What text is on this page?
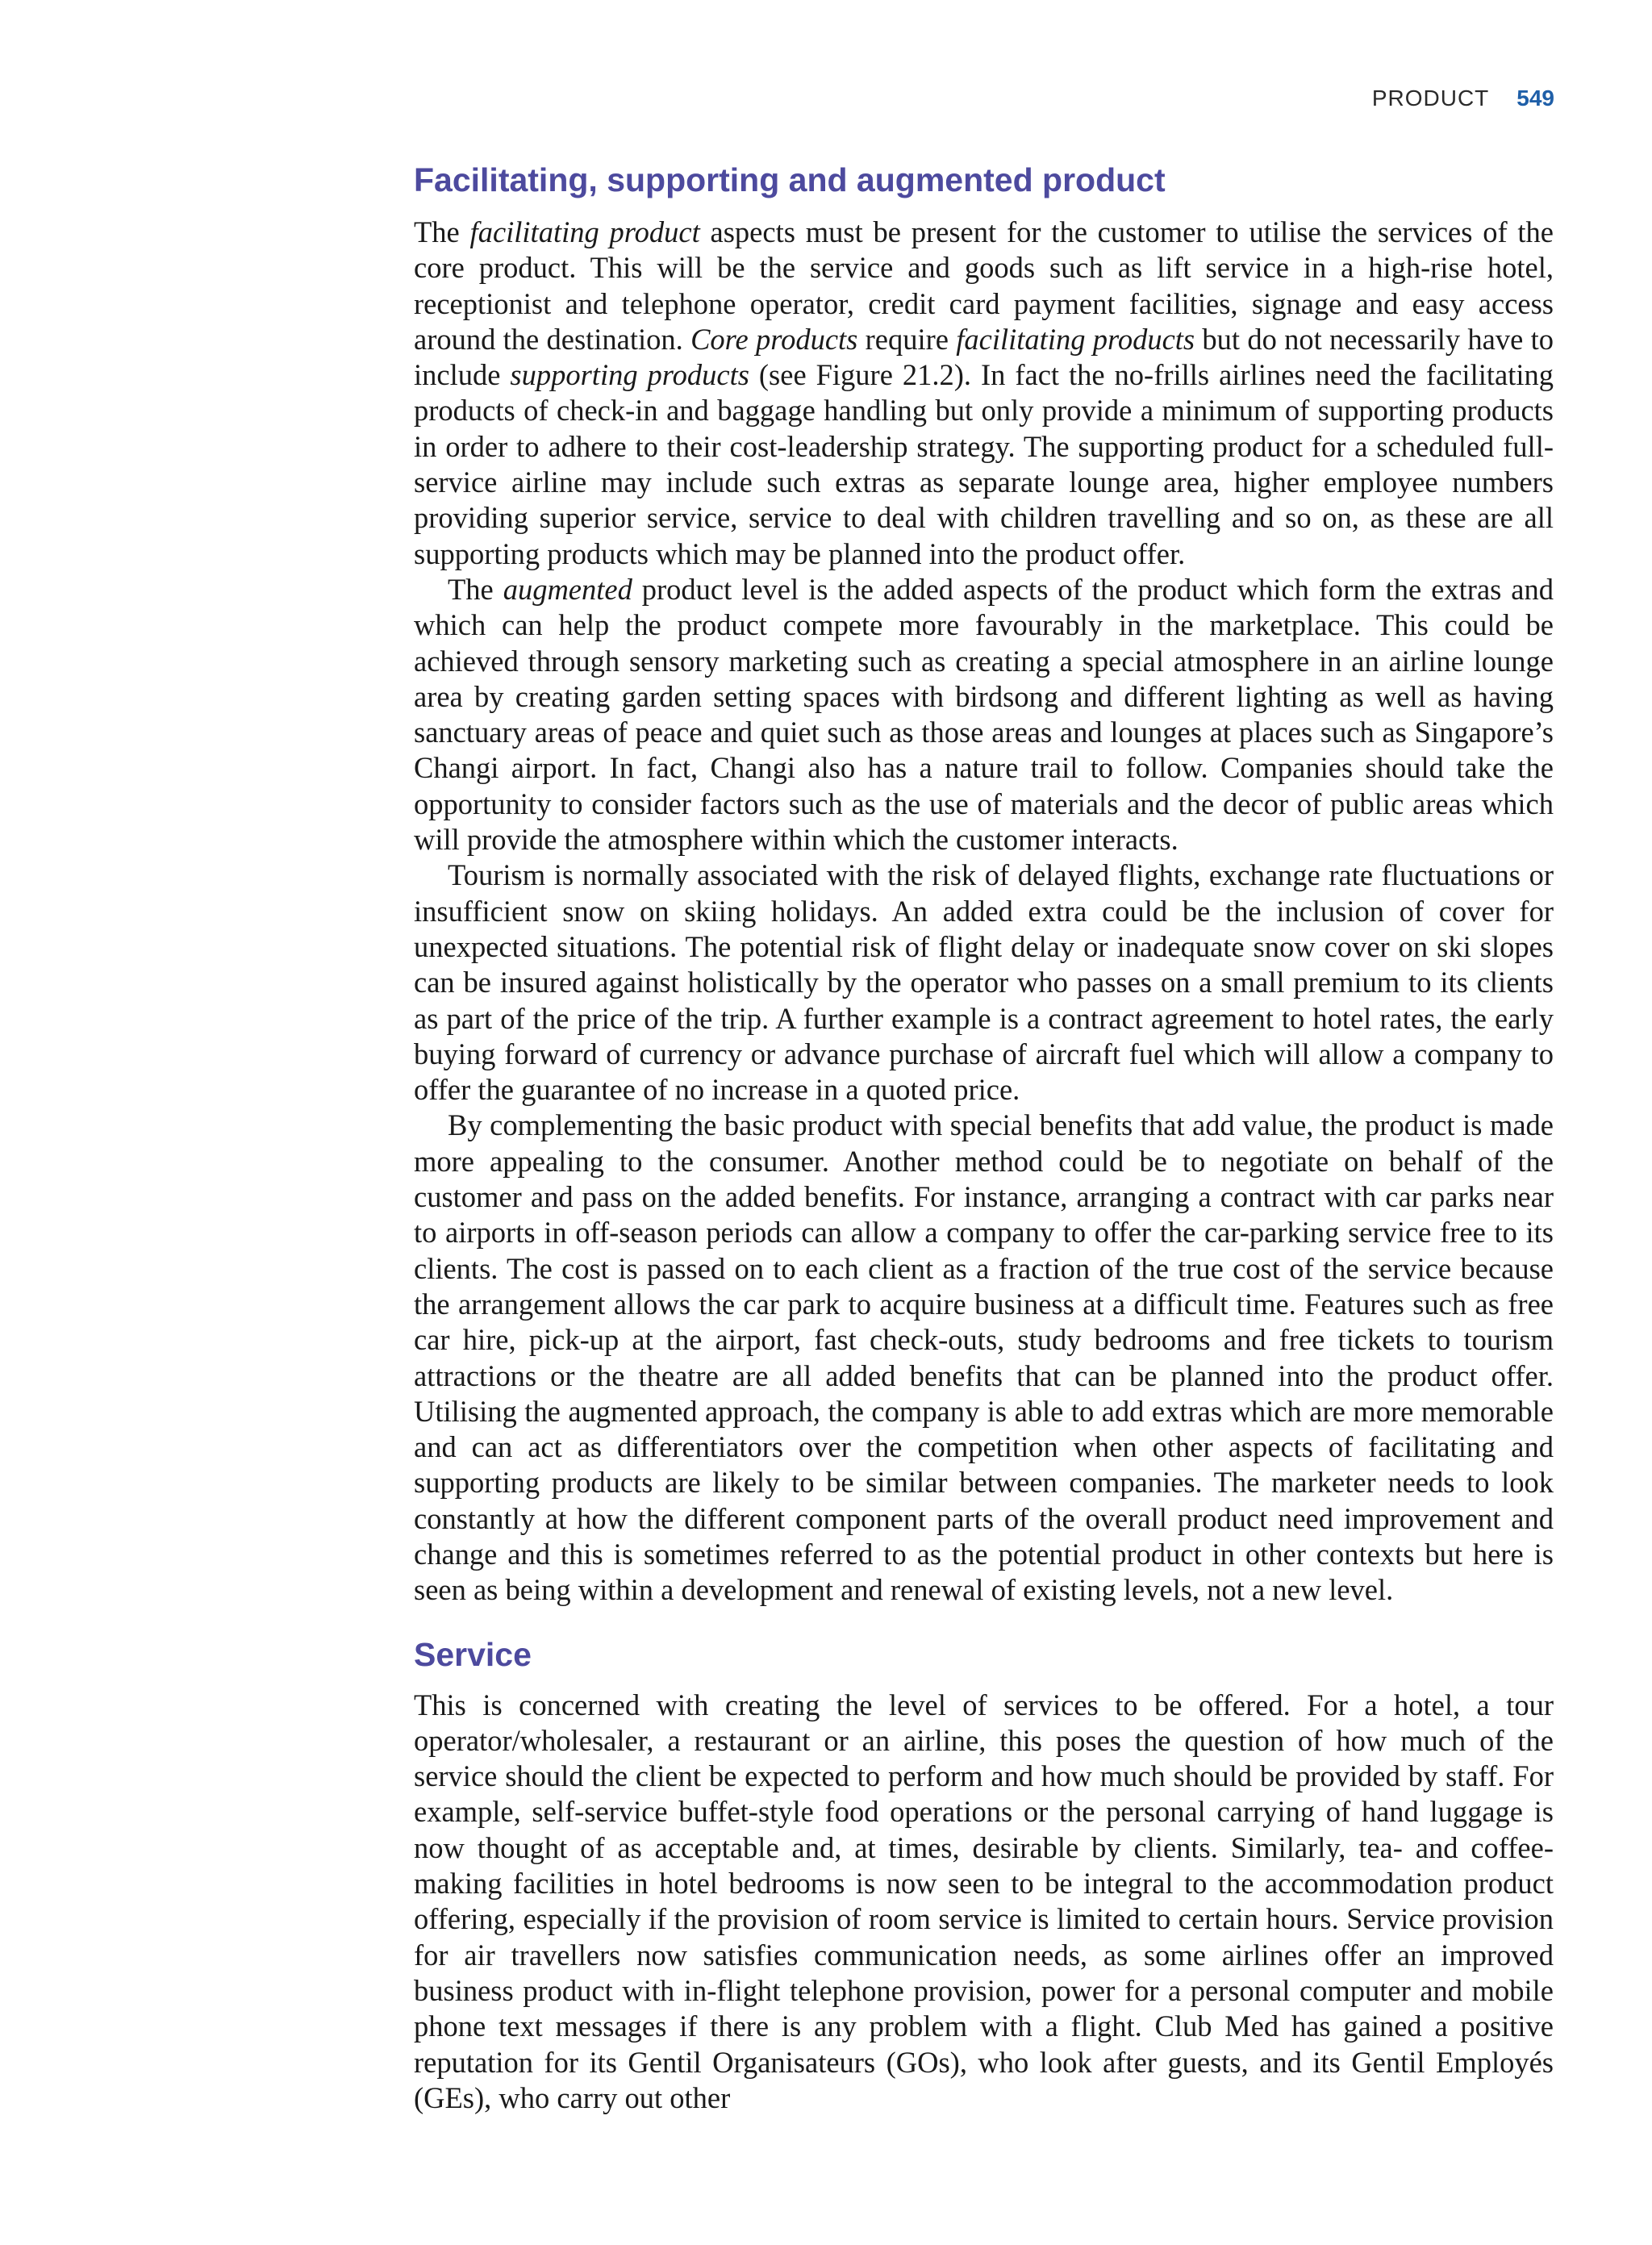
PRODUCT 549
Facilitating, supporting and augmented product

The facilitating product aspects must be present for the customer to utilise the services of the core product. This will be the service and goods such as lift service in a high-rise hotel, receptionist and telephone operator, credit card payment facilities, signage and easy access around the destination. Core products require facilitating products but do not necessarily have to include supporting products (see Figure 21.2). In fact the no-frills airlines need the facilitating products of check-in and baggage handling but only provide a minimum of supporting products in order to adhere to their cost-leadership strategy. The supporting product for a scheduled full-service airline may include such extras as separate lounge area, higher employee numbers providing superior service, service to deal with children travelling and so on, as these are all supporting products which may be planned into the product offer.

The augmented product level is the added aspects of the product which form the extras and which can help the product compete more favourably in the marketplace. This could be achieved through sensory marketing such as creating a special atmosphere in an airline lounge area by creating garden setting spaces with birdsong and different lighting as well as having sanctuary areas of peace and quiet such as those areas and lounges at places such as Singapore’s Changi airport. In fact, Changi also has a nature trail to follow. Companies should take the opportunity to consider factors such as the use of materials and the decor of public areas which will provide the atmosphere within which the customer interacts.

Tourism is normally associated with the risk of delayed flights, exchange rate fluctuations or insufficient snow on skiing holidays. An added extra could be the inclusion of cover for unexpected situations. The potential risk of flight delay or inadequate snow cover on ski slopes can be insured against holistically by the operator who passes on a small premium to its clients as part of the price of the trip. A further example is a contract agreement to hotel rates, the early buying forward of currency or advance purchase of aircraft fuel which will allow a company to offer the guarantee of no increase in a quoted price.

By complementing the basic product with special benefits that add value, the product is made more appealing to the consumer. Another method could be to negotiate on behalf of the customer and pass on the added benefits. For instance, arranging a contract with car parks near to airports in off-season periods can allow a company to offer the car-parking service free to its clients. The cost is passed on to each client as a fraction of the true cost of the service because the arrangement allows the car park to acquire business at a difficult time. Features such as free car hire, pick-up at the airport, fast check-outs, study bedrooms and free tickets to tourism attractions or the theatre are all added benefits that can be planned into the product offer. Utilising the augmented approach, the company is able to add extras which are more memorable and can act as differentiators over the competition when other aspects of facilitating and supporting products are likely to be similar between companies. The marketer needs to look constantly at how the different component parts of the overall product need improvement and change and this is sometimes referred to as the potential product in other contexts but here is seen as being within a development and renewal of existing levels, not a new level.

Service

This is concerned with creating the level of services to be offered. For a hotel, a tour operator/wholesaler, a restaurant or an airline, this poses the question of how much of the service should the client be expected to perform and how much should be provided by staff. For example, self-service buffet-style food operations or the personal carrying of hand luggage is now thought of as acceptable and, at times, desirable by clients. Similarly, tea- and coffee-making facilities in hotel bedrooms is now seen to be integral to the accommodation product offering, especially if the provision of room service is limited to certain hours. Service provision for air travellers now satisfies communication needs, as some airlines offer an improved business product with in-flight telephone provision, power for a personal computer and mobile phone text messages if there is any problem with a flight. Club Med has gained a positive reputation for its Gentil Organisateurs (GOs), who look after guests, and its Gentil Employés (GEs), who carry out other
